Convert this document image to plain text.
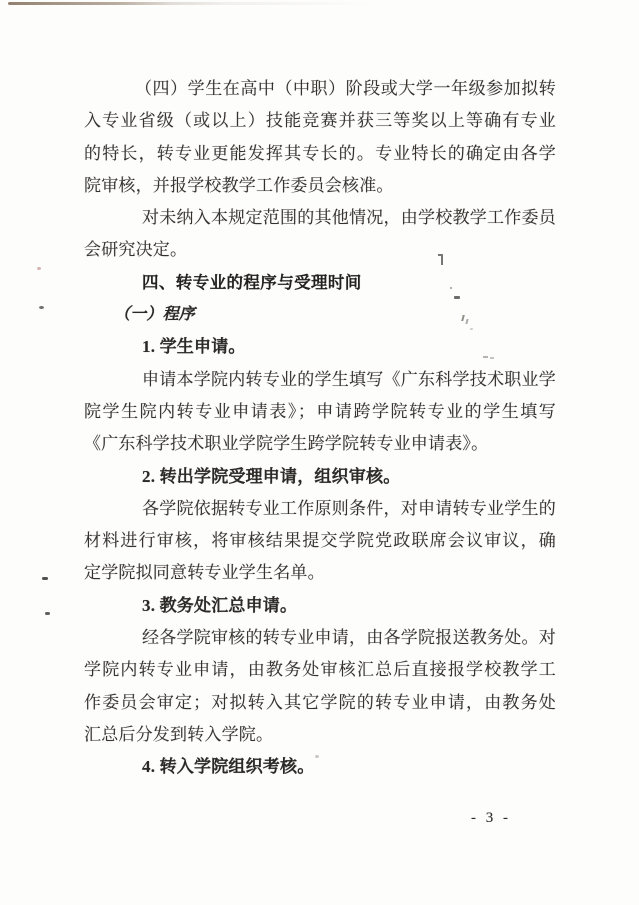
（四）学生在高中（中职）阶段或大学一年级参加拟转
入专业省级（或以上）技能竞赛并获三等奖以上等确有专业
的特长，转专业更能发挥其专长的。专业特长的确定由各学
院审核，并报学校教学工作委员会核准。
对未纳入本规定范围的其他情况，由学校教学工作委员
会研究决定。
四、转专业的程序与受理时间
（一）程序
1. 学生申请。
申请本学院内转专业的学生填写《广东科学技术职业学
院学生院内转专业申请表》；申请跨学院转专业的学生填写
《广东科学技术职业学院学生跨学院转专业申请表》。
2. 转出学院受理申请，组织审核。
各学院依据转专业工作原则条件，对申请转专业学生的
材料进行审核，将审核结果提交学院党政联席会议审议，确
定学院拟同意转专业学生名单。
3. 教务处汇总申请。
经各学院审核的转专业申请，由各学院报送教务处。对
学院内转专业申请，由教务处审核汇总后直接报学校教学工
作委员会审定；对拟转入其它学院的转专业申请，由教务处
汇总后分发到转入学院。
4. 转入学院组织考核。
- 3 -
